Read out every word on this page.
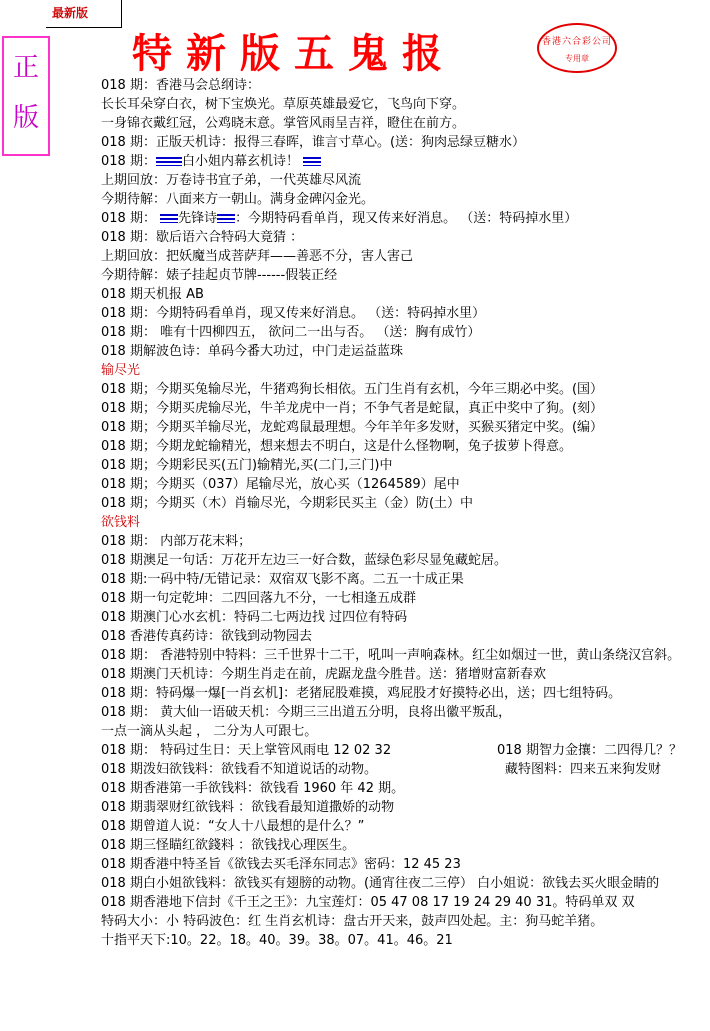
最新版
正
版
特新版五鬼报	香港六合彩公司
专用章
018 期：香港马会总纲诗：
长长耳朵穿白衣，树下宝焕光。草原英雄最爱它，飞鸟向下穿。
一身锦衣戴红冠，公鸡晓末意。掌管风雨呈吉祥，瞪住在前方。
018 期：正版天机诗：报得三春晖，谁言寸草心。(送：狗肉忌绿豆糖水）
018 期： 白小姐内幕玄机诗！
上期回放：万卷诗书宜子弟，一代英雄尽风流
今期待解：八面来方一朝山。满身金碑闪金光。
018 期： 先锋诗 ：今期特码看单肖，现又传来好消息。 （送：特码掉水里）
018 期：歇后语六合特码大竟猜 ：
上期回放：把妖魔当成菩萨拜——善恶不分，害人害己
今期待解：婊子挂起贞节牌------假装正经
018 期天机报 AB
018 期：今期特码看单肖，现又传来好消息。 （送：特码掉水里）
018 期： 唯有十四柳四五， 欲问二一出与否。 （送：胸有成竹）
018 期解波色诗：单码今番大功过，中门走运益蓝珠
输尽光
018 期；今期买兔输尽光，牛猪鸡狗长相依。五门生肖有玄机，今年三期必中奖。(国）
018 期；今期买虎输尽光，牛羊龙虎中一肖；不争气者是蛇鼠，真正中奖中了狗。(刻）
018 期；今期买羊输尽光，龙蛇鸡鼠最理想。今年羊年多发财，买猴买猪定中奖。(编）
018 期；今期龙蛇输精光，想来想去不明白，这是什么怪物啊，兔子拔萝卜得意。
018 期；今期彩民买(五门)输精光,买(二门,三门)中
018 期；今期买（037）尾输尽光，放心买（1264589）尾中
018 期；今期买（木）肖输尽光，今期彩民买主（金）防(土）中
欲钱料
018 期： 内部万花末料；
018 期澳足一句话：万花开左边三一好合数，蓝绿色彩尽显兔藏蛇居。
018 期:一码中特/无错记录：双宿双飞影不离。二五一十成正果
018 期一句定乾坤：二四回落九不分，一七相逢五成群
018 期澳门心水玄机：特码二七两边找 过四位有特码
018 香港传真药诗：欲钱到动物园去
018 期： 香港特别中特料：三千世界十二干，吼叫一声响森林。红尘如烟过一世，黄山条绕汉宫斜。
018 期澳门天机诗：今期生肖走在前，虎踞龙盘今胜昔。送：猪增财富新春欢
018 期：特码爆一爆[一肖玄机]：老猪屁股难摸，鸡屁股才好摸特必出，送；四七组特码。
018 期： 黄大仙一语破天机：今期三三出道五分明，良将出徽平叛乱，
一点一滴从头起 ， 二分为人可跟七。
018 期： 特码过生日：天上掌管风雨电 12 02 32	018 期智力金攘：二四得几？？
018 期泼妇欲钱料：欲钱看不知道说话的动物。	藏特图料：四来五来狗发财
018 期香港第一手欲钱料：欲钱看 1960 年 42 期。
018 期翡翠财红欲钱料 ：欲钱看最知道撒娇的动物
018 期曾道人说：“女人十八最想的是什么？”
018 期三怪瞄红欲錢料 ：欲钱找心理医生。
018 期香港中特圣旨《欲钱去买毛泽东同志》密码：12 45 23
018 期白小姐欲钱料：欲钱买有翅膀的动物。(通宵往夜二三停） 白小姐说：欲钱去买火眼金睛的
018 期香港地下信封《千王之王》：九宝莲灯：05 47 08 17 19 24 29 40 31。特码单双 双
特码大小：小 特码波色：红 生肖玄机诗：盘古开天来，鼓声四处起。主：狗马蛇羊猪。
十指平天下:10。22。18。40。39。38。07。41。46。21
